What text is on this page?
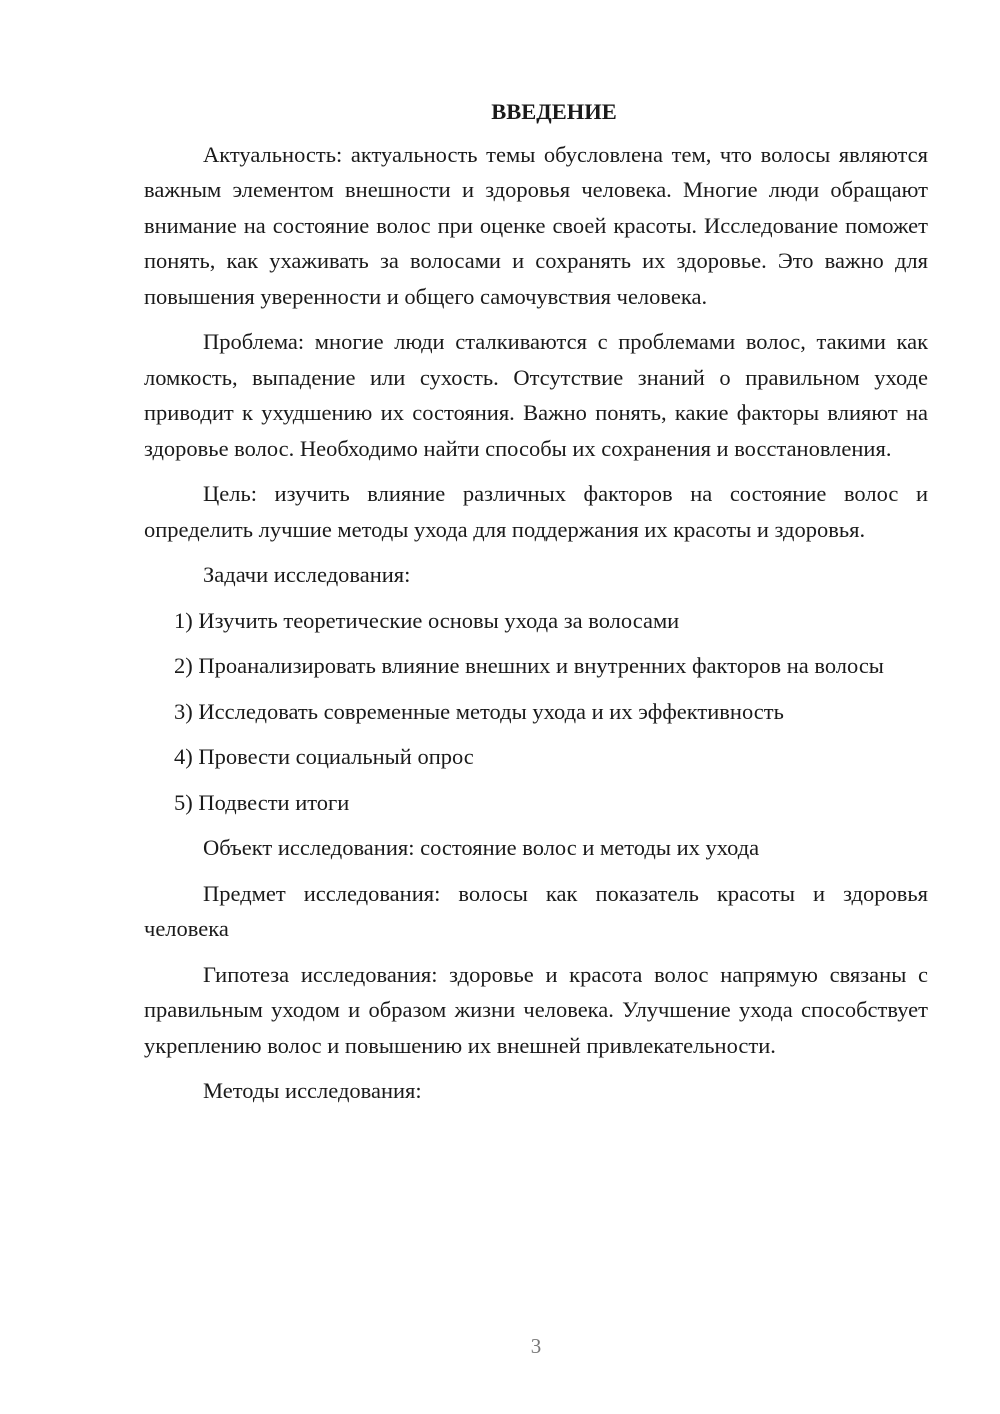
ВВЕДЕНИЕ

Актуальность: актуальность темы обусловлена тем, что волосы являются важным элементом внешности и здоровья человека. Многие люди обращают внимание на состояние волос при оценке своей красоты. Исследование поможет понять, как ухаживать за волосами и сохранять их здоровье. Это важно для повышения уверенности и общего самочувствия человека.

Проблема: многие люди сталкиваются с проблемами волос, такими как ломкость, выпадение или сухость. Отсутствие знаний о правильном уходе приводит к ухудшению их состояния. Важно понять, какие факторы влияют на здоровье волос. Необходимо найти способы их сохранения и восстановления.

Цель: изучить влияние различных факторов на состояние волос и определить лучшие методы ухода для поддержания их красоты и здоровья.

Задачи исследования:

1) Изучить теоретические основы ухода за волосами

2) Проанализировать влияние внешних и внутренних факторов на волосы

3) Исследовать современные методы ухода и их эффективность

4) Провести социальный опрос

5) Подвести итоги

Объект исследования: состояние волос и методы их ухода

Предмет исследования: волосы как показатель красоты и здоровья человека

Гипотеза исследования: здоровье и красота волос напрямую связаны с правильным уходом и образом жизни человека. Улучшение ухода способствует укреплению волос и повышению их внешней привлекательности.

Методы исследования:

3
